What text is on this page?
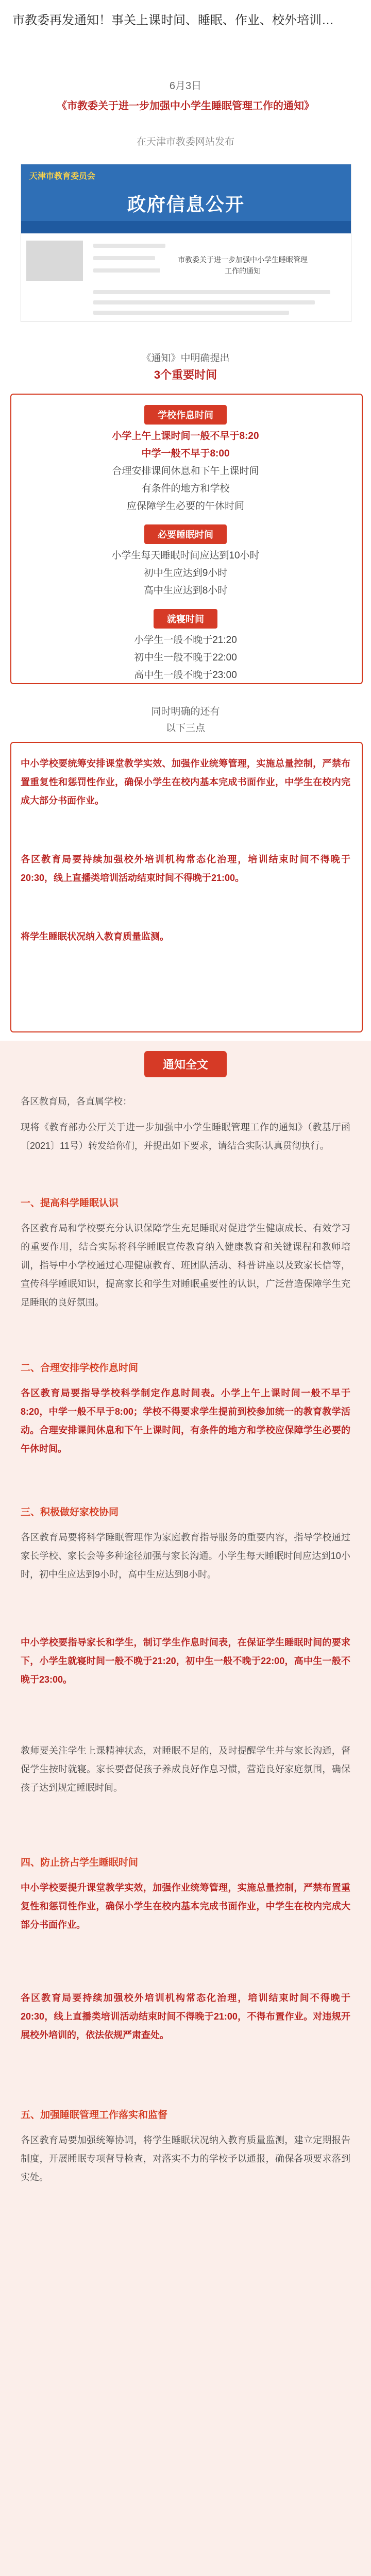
市教委再发通知！事关上课时间、睡眠、作业、校外培训…
6月3日
《市教委关于进一步加强中小学生睡眠管理工作的通知》
在天津市教委网站发布
天津市教育委员会
政府信息公开
市教委关于进一步加强中小学生睡眠管理工作的通知
《通知》中明确提出
3个重要时间
学校作息时间
小学上午上课时间一般不早于8:20
中学一般不早于8:00
合理安排课间休息和下午上课时间
有条件的地方和学校
应保障学生必要的午休时间
必要睡眠时间
小学生每天睡眠时间应达到10小时
初中生应达到9小时
高中生应达到8小时
就寝时间
小学生一般不晚于21:20
初中生一般不晚于22:00
高中生一般不晚于23:00
同时明确的还有
以下三点
中小学校要统筹安排课堂教学实效、加强作业统筹管理，实施总量控制，严禁布置重复性和惩罚性作业，确保小学生在校内基本完成书面作业，中学生在校内完成大部分书面作业。
各区教育局要持续加强校外培训机构常态化治理，培训结束时间不得晚于20:30，线上直播类培训活动结束时间不得晚于21:00。
将学生睡眠状况纳入教育质量监测。
通知全文
各区教育局，各直属学校：
现将《教育部办公厅关于进一步加强中小学生睡眠管理工作的通知》（教基厅函〔2021〕11号）转发给你们，并提出如下要求，请结合实际认真贯彻执行。
一、提高科学睡眠认识
各区教育局和学校要充分认识保障学生充足睡眠对促进学生健康成长、有效学习的重要作用，结合实际将科学睡眠宣传教育纳入健康教育和关键课程和教师培训，指导中小学校通过心理健康教育、班团队活动、科普讲座以及致家长信等，宣传科学睡眠知识，提高家长和学生对睡眠重要性的认识，广泛营造保障学生充足睡眠的良好氛围。
二、合理安排学校作息时间
各区教育局要指导学校科学制定作息时间表。小学上午上课时间一般不早于8:20，中学一般不早于8:00；学校不得要求学生提前到校参加统一的教育教学活动。合理安排课间休息和下午上课时间，有条件的地方和学校应保障学生必要的午休时间。
三、积极做好家校协同
各区教育局要将科学睡眠管理作为家庭教育指导服务的重要内容，指导学校通过家长学校、家长会等多种途径加强与家长沟通。小学生每天睡眠时间应达到10小时，初中生应达到9小时，高中生应达到8小时。
中小学校要指导家长和学生，制订学生作息时间表，在保证学生睡眠时间的要求下，小学生就寝时间一般不晚于21:20，初中生一般不晚于22:00，高中生一般不晚于23:00。
教师要关注学生上课精神状态，对睡眠不足的，及时提醒学生并与家长沟通，督促学生按时就寝。家长要督促孩子养成良好作息习惯，营造良好家庭氛围，确保孩子达到规定睡眠时间。
四、防止挤占学生睡眠时间
中小学校要提升课堂教学实效，加强作业统筹管理，实施总量控制，严禁布置重复性和惩罚性作业，确保小学生在校内基本完成书面作业，中学生在校内完成大部分书面作业。
各区教育局要持续加强校外培训机构常态化治理，培训结束时间不得晚于20:30，线上直播类培训活动结束时间不得晚于21:00，不得布置作业。对违规开展校外培训的，依法依规严肃查处。
五、加强睡眠管理工作落实和监督
各区教育局要加强统筹协调，将学生睡眠状况纳入教育质量监测，建立定期报告制度，开展睡眠专项督导检查，对落实不力的学校予以通报，确保各项要求落到实处。
